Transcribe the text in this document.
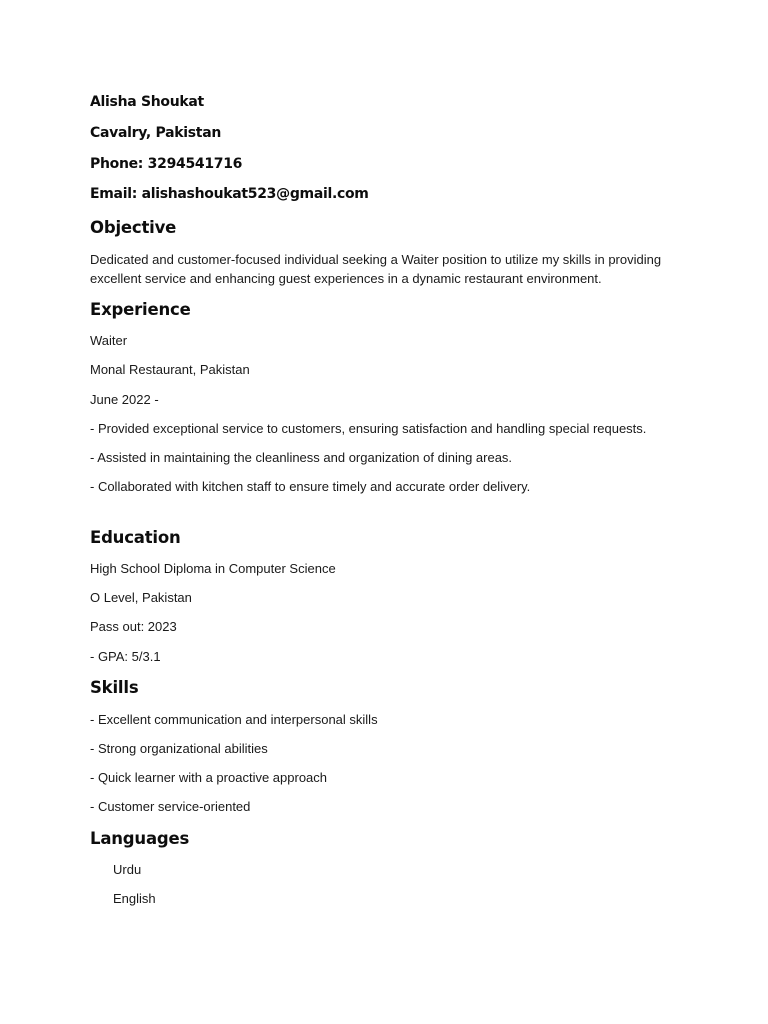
Alisha Shoukat
Cavalry, Pakistan
Phone: 3294541716
Email: alishashoukat523@gmail.com
Objective
Dedicated and customer-focused individual seeking a Waiter position to utilize my skills in providing excellent service and enhancing guest experiences in a dynamic restaurant environment.
Experience
Waiter
Monal Restaurant, Pakistan
June 2022 -
- Provided exceptional service to customers, ensuring satisfaction and handling special requests.
- Assisted in maintaining the cleanliness and organization of dining areas.
- Collaborated with kitchen staff to ensure timely and accurate order delivery.
Education
High School Diploma in Computer Science
O Level, Pakistan
Pass out: 2023
- GPA: 5/3.1
Skills
- Excellent communication and interpersonal skills
- Strong organizational abilities
- Quick learner with a proactive approach
- Customer service-oriented
Languages
Urdu
English
